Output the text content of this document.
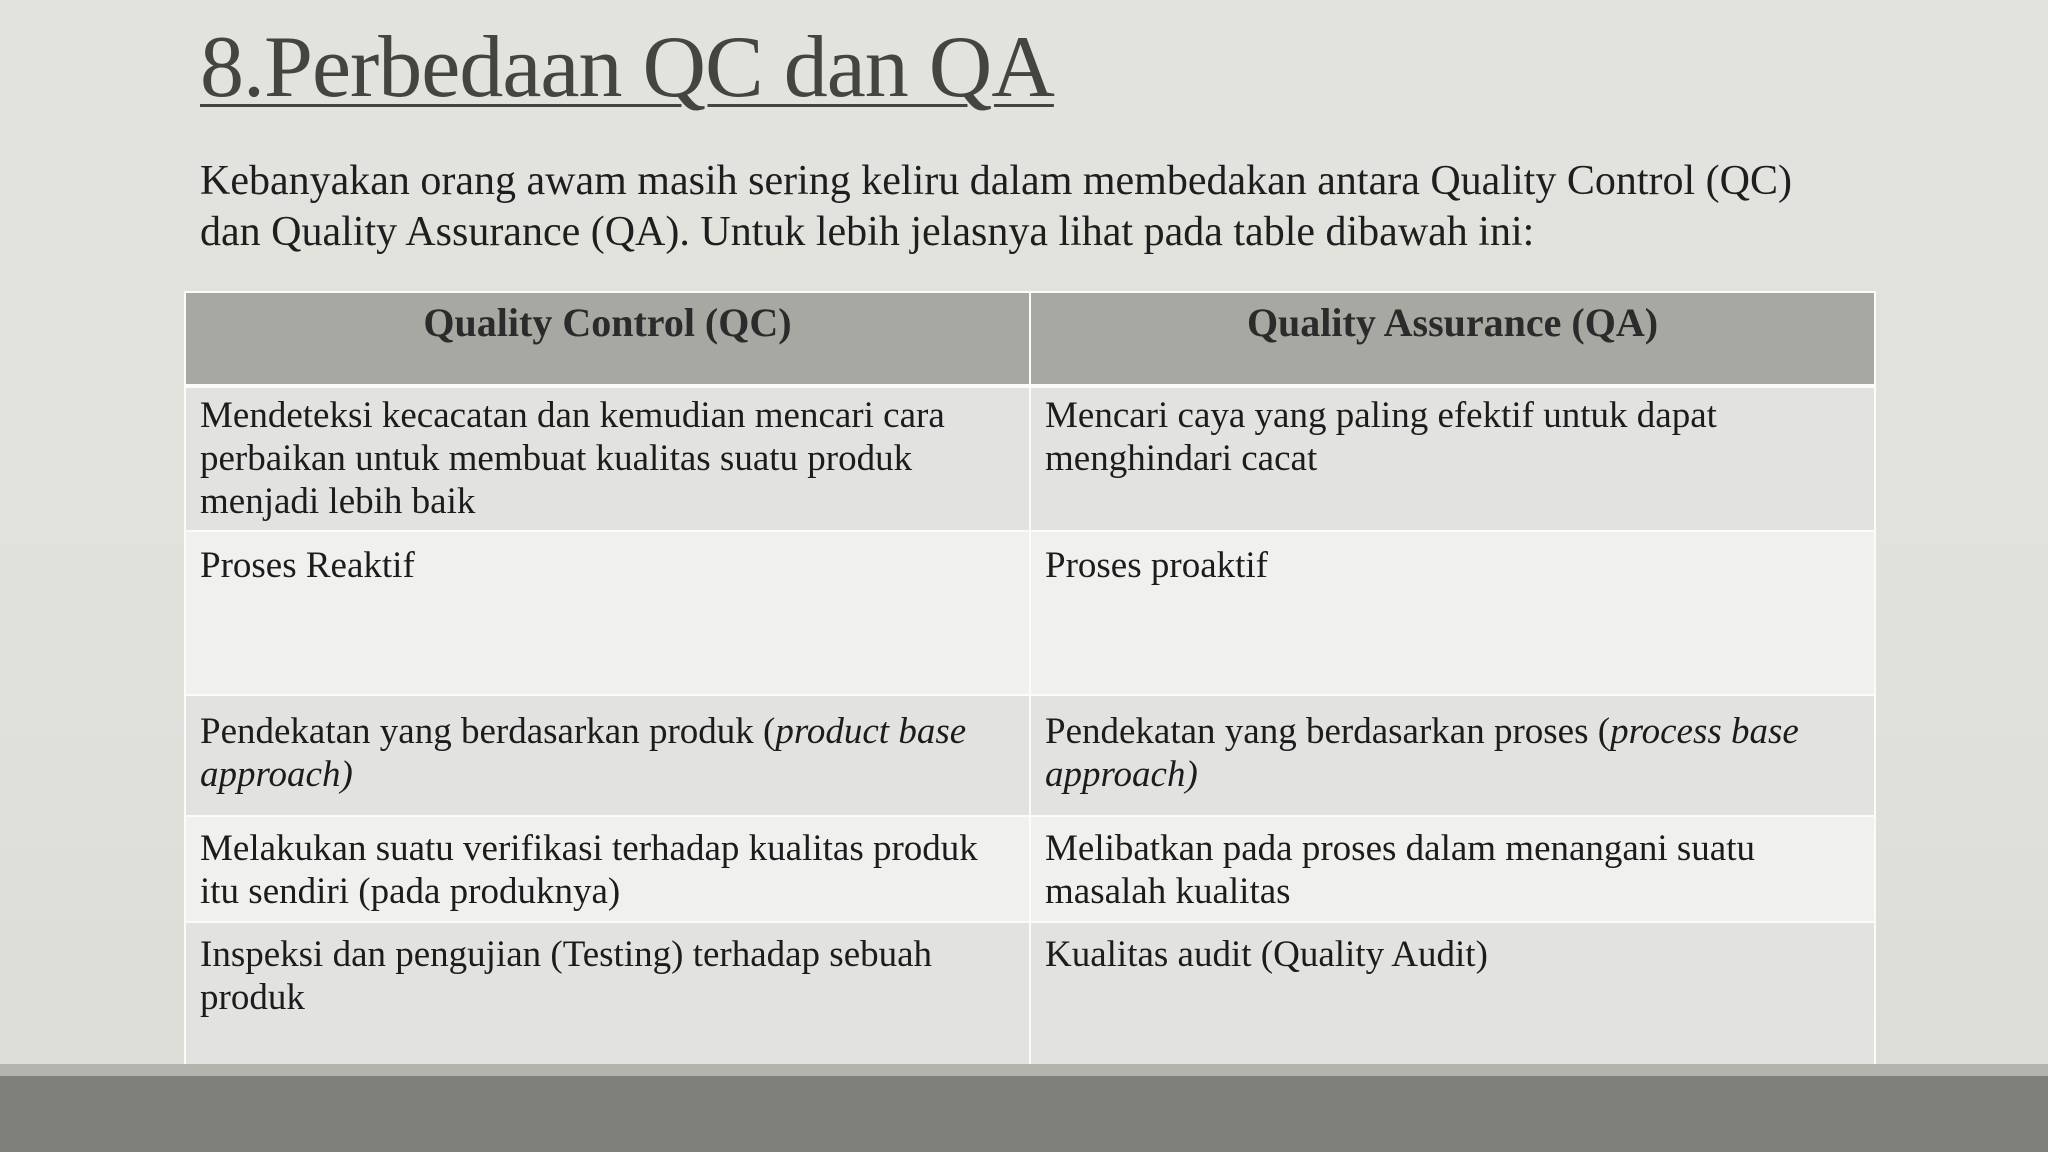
8.Perbedaan QC dan QA
Kebanyakan orang awam masih sering keliru dalam membedakan antara Quality Control (QC) dan Quality Assurance (QA). Untuk lebih jelasnya lihat pada table dibawah ini:
Quality Control (QC)	Quality Assurance (QA)
Mendeteksi kecacatan dan kemudian mencari cara perbaikan untuk membuat kualitas suatu produk menjadi lebih baik	Mencari caya yang paling efektif untuk dapat menghindari cacat
Proses Reaktif	Proses proaktif
Pendekatan yang berdasarkan produk (product base approach)	Pendekatan yang berdasarkan proses (process base approach)
Melakukan suatu verifikasi terhadap kualitas produk itu sendiri (pada produknya)	Melibatkan pada proses dalam menangani suatu masalah kualitas
Inspeksi dan pengujian (Testing) terhadap sebuah produk	Kualitas audit (Quality Audit)
